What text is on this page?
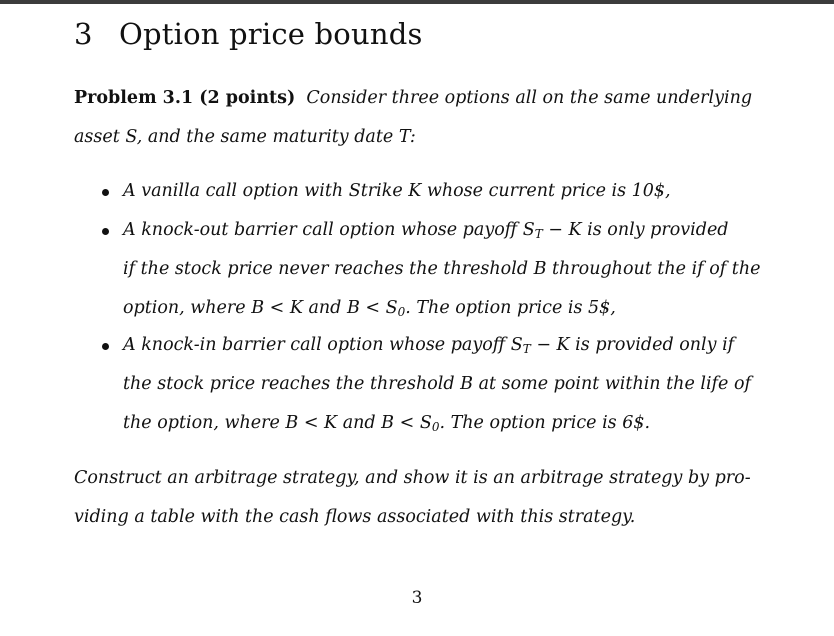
3 Option price bounds
Problem 3.1 (2 points) Consider three options all on the same underlying
asset S, and the same maturity date T:
A vanilla call option with Strike K whose current price is 10$,
A knock-out barrier call option whose payoff $S_T - K$ is only provided
if the stock price never reaches the threshold B throughout the if of the
option, where B < K and $B < S_0$. The option price is 5$,
A knock-in barrier call option whose payoff $S_T - K$ is provided only if
the stock price reaches the threshold B at some point within the life of
the option, where B < K and $B < S_0$. The option price is 6$.
Construct an arbitrage strategy, and show it is an arbitrage strategy by pro-
viding a table with the cash flows associated with this strategy.
3
